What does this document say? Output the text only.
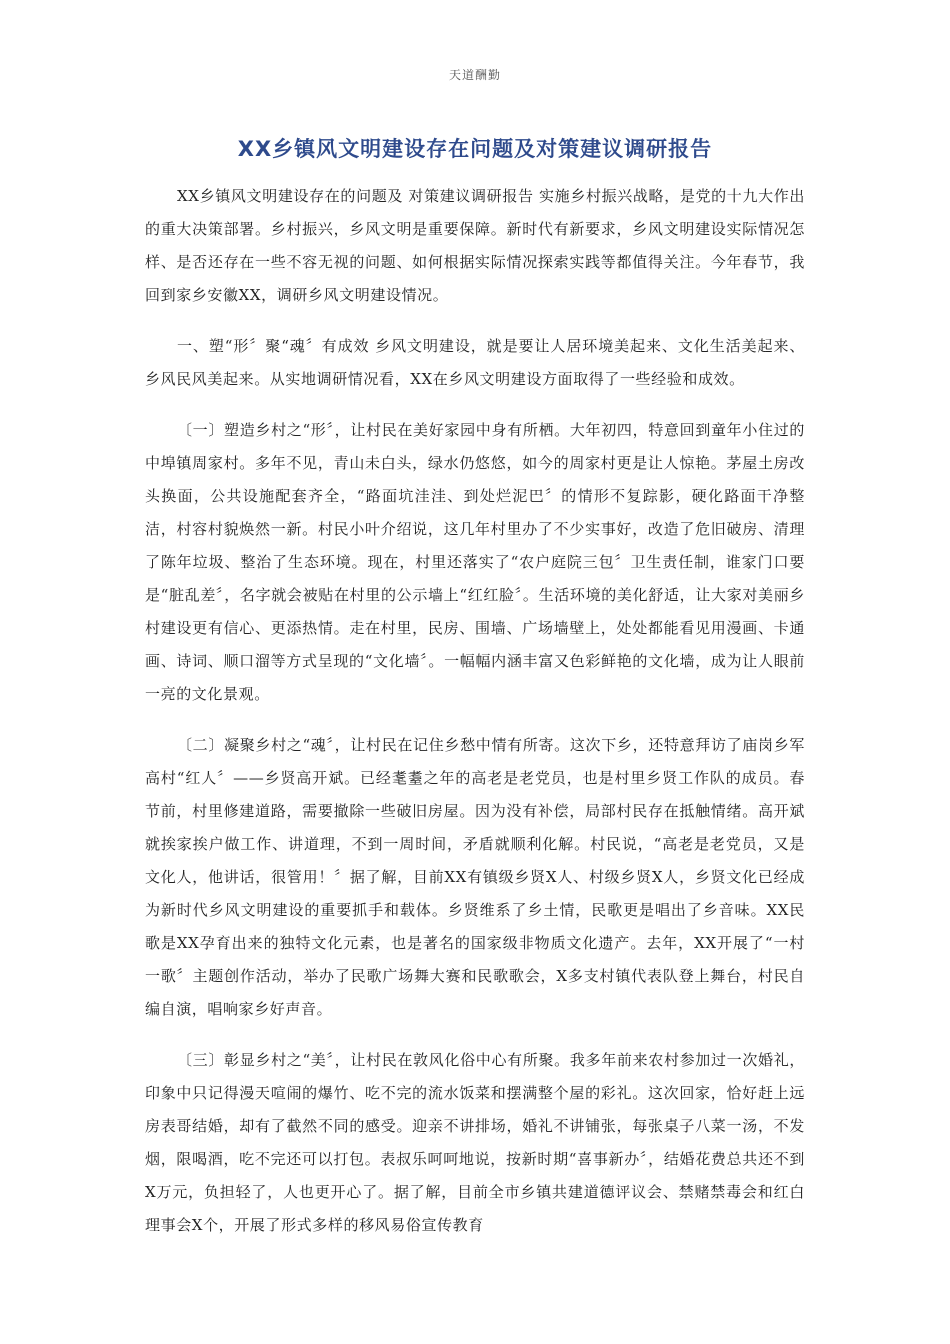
天道酬勤
XX乡镇风文明建设存在问题及对策建议调研报告

XX乡镇风文明建设存在的问题及 对策建议调研报告 实施乡村振兴战略，是党的十九大作出的重大决策部署。乡村振兴，乡风文明是重要保障。新时代有新要求，乡风文明建设实际情况怎样、是否还存在一些不容无视的问题、如何根据实际情况探索实践等都值得关注。今年春节，我回到家乡安徽XX，调研乡风文明建设情况。

一、塑“形〞聚“魂〞有成效 乡风文明建设，就是要让人居环境美起来、文化生活美起来、乡风民风美起来。从实地调研情况看，XX在乡风文明建设方面取得了一些经验和成效。

〔一〕塑造乡村之“形〞，让村民在美好家园中身有所栖。大年初四，特意回到童年小住过的中埠镇周家村。多年不见，青山未白头，绿水仍悠悠，如今的周家村更是让人惊艳。茅屋土房改头换面，公共设施配套齐全，“路面坑洼洼、到处烂泥巴〞的情形不复踪影，硬化路面干净整洁，村容村貌焕然一新。村民小叶介绍说，这几年村里办了不少实事好，改造了危旧破房、清理了陈年垃圾、整治了生态环境。现在，村里还落实了“农户庭院三包〞卫生责任制，谁家门口要是“脏乱差〞，名字就会被贴在村里的公示墙上“红红脸〞。生活环境的美化舒适，让大家对美丽乡村建设更有信心、更添热情。走在村里，民房、围墙、广场墙壁上，处处都能看见用漫画、卡通画、诗词、顺口溜等方式呈现的“文化墙〞。一幅幅内涵丰富又色彩鲜艳的文化墙，成为让人眼前一亮的文化景观。

〔二〕凝聚乡村之“魂〞，让村民在记住乡愁中情有所寄。这次下乡，还特意拜访了庙岗乡军高村“红人〞——乡贤高开斌。已经耄耋之年的高老是老党员，也是村里乡贤工作队的成员。春节前，村里修建道路，需要撤除一些破旧房屋。因为没有补偿，局部村民存在抵触情绪。高开斌就挨家挨户做工作、讲道理，不到一周时间，矛盾就顺利化解。村民说，“高老是老党员，又是文化人，他讲话，很管用！〞据了解，目前XX有镇级乡贤X人、村级乡贤X人，乡贤文化已经成为新时代乡风文明建设的重要抓手和载体。乡贤维系了乡土情，民歌更是唱出了乡音味。XX民歌是XX孕育出来的独特文化元素，也是著名的国家级非物质文化遗产。去年，XX开展了“一村一歌〞主题创作活动，举办了民歌广场舞大赛和民歌歌会，X多支村镇代表队登上舞台，村民自编自演，唱响家乡好声音。

〔三〕彰显乡村之“美〞，让村民在敦风化俗中心有所聚。我多年前来农村参加过一次婚礼，印象中只记得漫天喧闹的爆竹、吃不完的流水饭菜和摆满整个屋的彩礼。这次回家，恰好赶上远房表哥结婚，却有了截然不同的感受。迎亲不讲排场，婚礼不讲铺张，每张桌子八菜一汤，不发烟，限喝酒，吃不完还可以打包。表叔乐呵呵地说，按新时期“喜事新办〞，结婚花费总共还不到X万元，负担轻了，人也更开心了。据了解，目前全市乡镇共建道德评议会、禁赌禁毒会和红白理事会X个，开展了形式多样的移风易俗宣传教育
